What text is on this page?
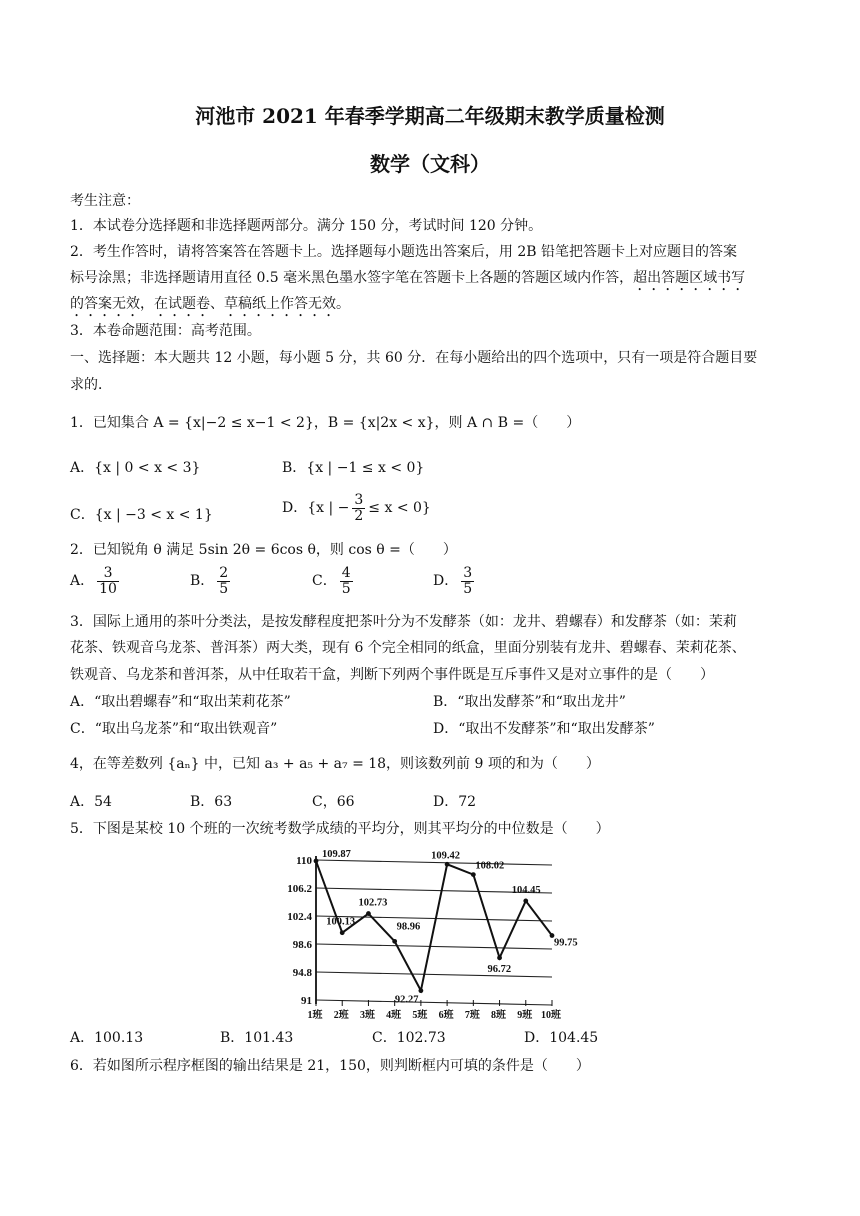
河池市 2021 年春季学期高二年级期末教学质量检测
数学（文科）
考生注意：
1．本试卷分选择题和非选择题两部分。满分 150 分，考试时间 120 分钟。
2．考生作答时，请将答案答在答题卡上。选择题每小题选出答案后，用 2B 铅笔把答题卡上对应题目的答案
标号涂黑；非选择题请用直径 0.5 毫米黑色墨水签字笔在答题卡上各题的答题区域内作答，超出答题区域书写
的答案无效，在试题卷、草稿纸上作答无效。
3．本卷命题范围：高考范围。
一、选择题：本大题共 12 小题，每小题 5 分，共 60 分．在每小题给出的四个选项中，只有一项是符合题目要
求的．
1．已知集合 A = {x|−2 ≤ x−1 < 2}，B = {x|2x < x}，则 A ∩ B =（　　）
A．{x | 0 < x < 3}	B．{x | −1 ≤ x < 0}
C．{x | −3 < x < 1}	D．{x | − $\frac{3}{2} \le x < 0$}
2．已知锐角 θ 满足 5sin 2θ = 6cos θ，则 cos θ =（　　）
A． $\frac{3}{10}$	B． $\frac{2}{5}$	C． $\frac{4}{5}$	D． $\frac{3}{5}$
3．国际上通用的茶叶分类法，是按发酵程度把茶叶分为不发酵茶（如：龙井、碧螺春）和发酵茶（如：茉莉
花茶、铁观音乌龙茶、普洱茶）两大类，现有 6 个完全相同的纸盒，里面分别装有龙井、碧螺春、茉莉花茶、
铁观音、乌龙茶和普洱茶，从中任取若干盒，判断下列两个事件既是互斥事件又是对立事件的是（　　）
A．“取出碧螺春”和“取出茉莉花茶”	B．“取出发酵茶”和“取出龙井”
C．“取出乌龙茶”和“取出铁观音”	D．“取出不发酵茶”和“取出发酵茶”
4，在等差数列 {aₙ} 中，已知 a₃ + a₅ + a₇ = 18，则该数列前 9 项的和为（　　）
A．54	B．63	C，66	D．72
5．下图是某校 10 个班的一次统考数学成绩的平均分，则其平均分的中位数是（　　）
110
106.2
102.4
98.6
94.8
91
1班 2班 3班 4班 5班 6班 7班 8班 9班 10班
109.87
100.13
102.73
98.96
92.27
109.42
108.02
96.72
104.45
99.75
A．100.13	B．101.43	C．102.73	D．104.45
6．若如图所示程序框图的输出结果是 21，150，则判断框内可填的条件是（　　）
